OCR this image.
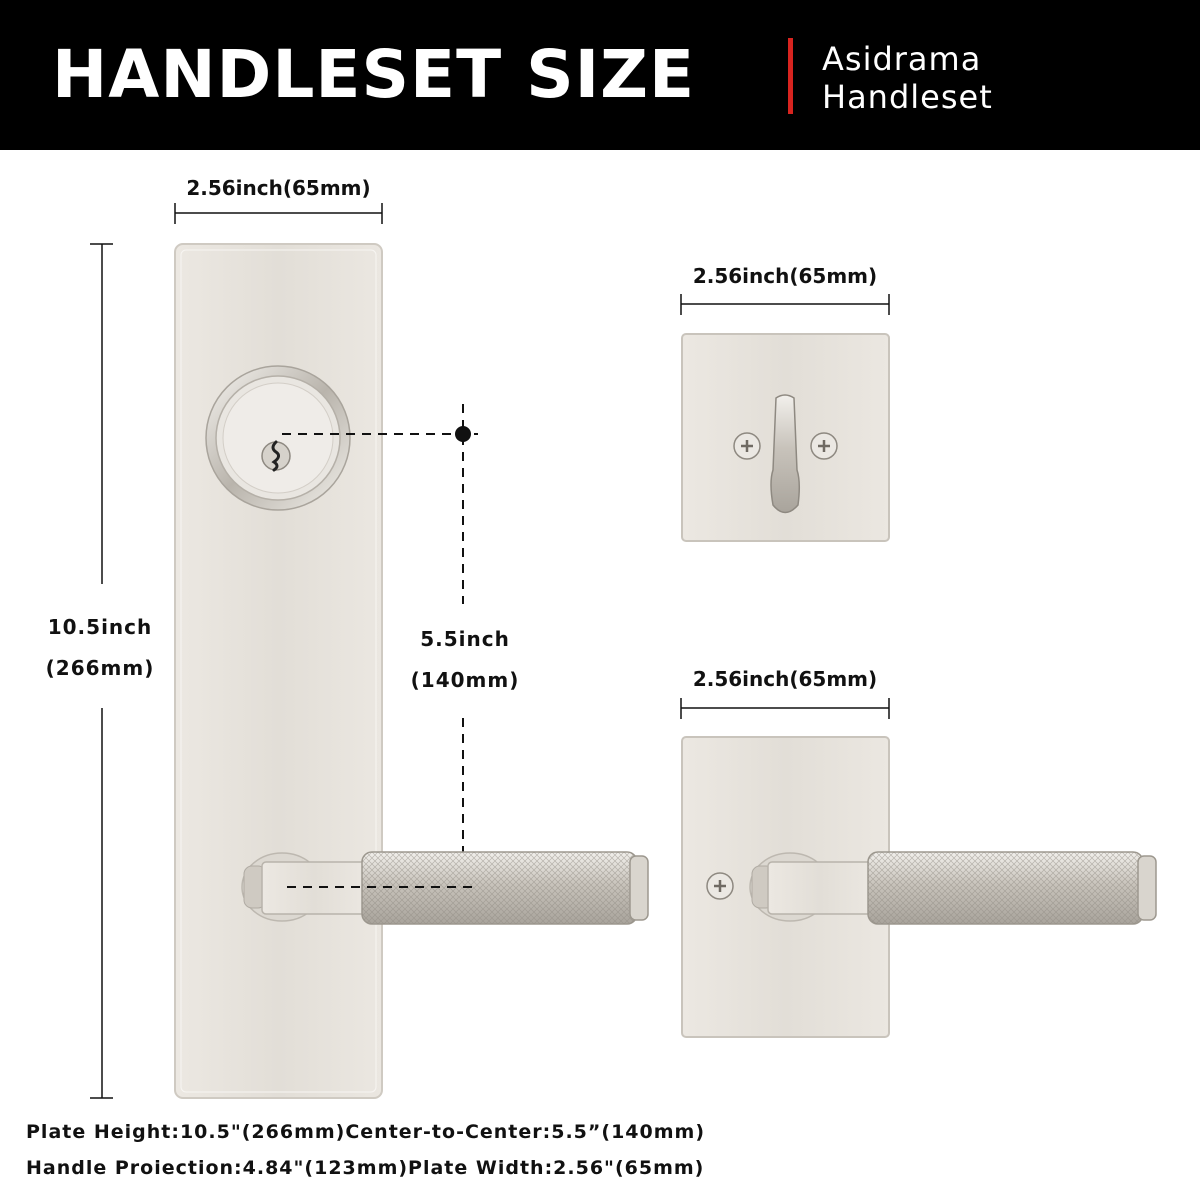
HANDLESET SIZE	Asidrama
Handleset
2.56inch(65mm)
10.5inch
(266mm)
5.5inch
(140mm)
2.56inch(65mm)
2.56inch(65mm)
Plate Height:10.5"(266mm)Center-to-Center:5.5”(140mm)
Handle Proiection:4.84"(123mm)Plate Width:2.56"(65mm)
